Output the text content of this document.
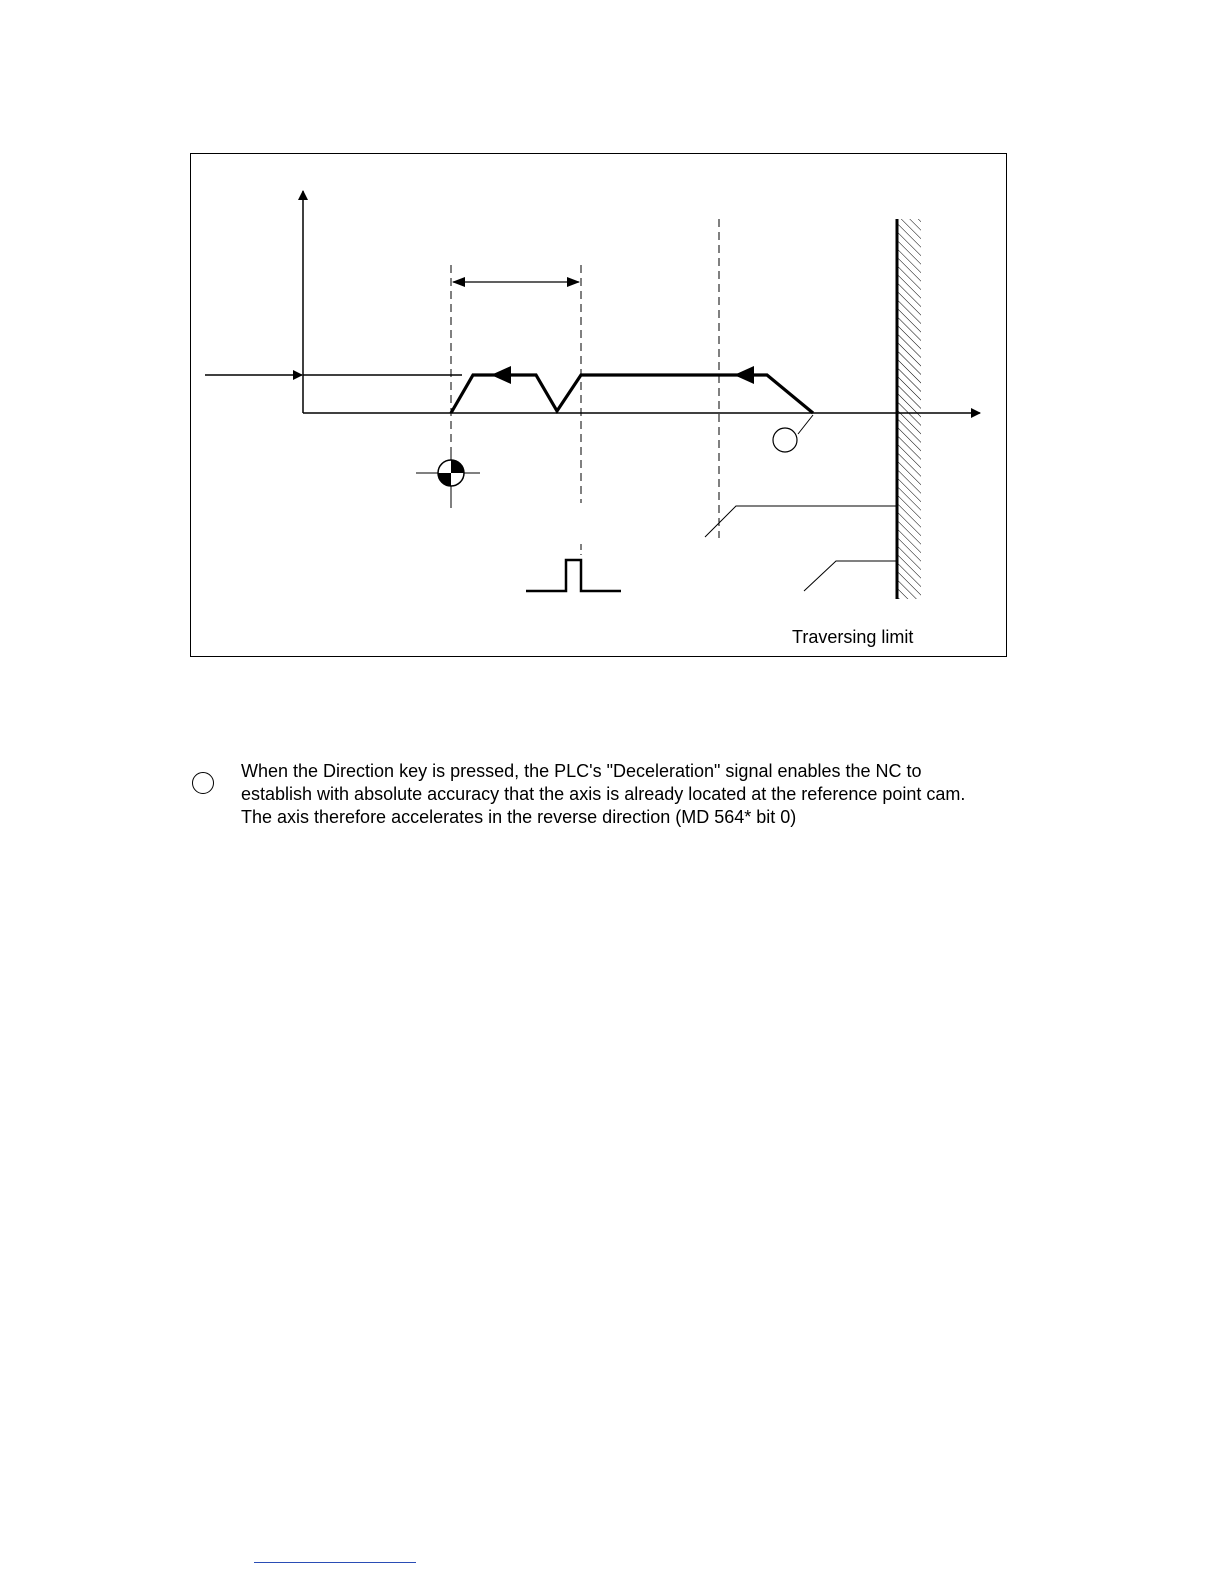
Traversing limit

When the Direction key is pressed, the PLC's "Deceleration" signal enables the NC to establish with absolute accuracy that the axis is already located at the reference point cam. The axis therefore accelerates in the reverse direction (MD 564* bit 0)
